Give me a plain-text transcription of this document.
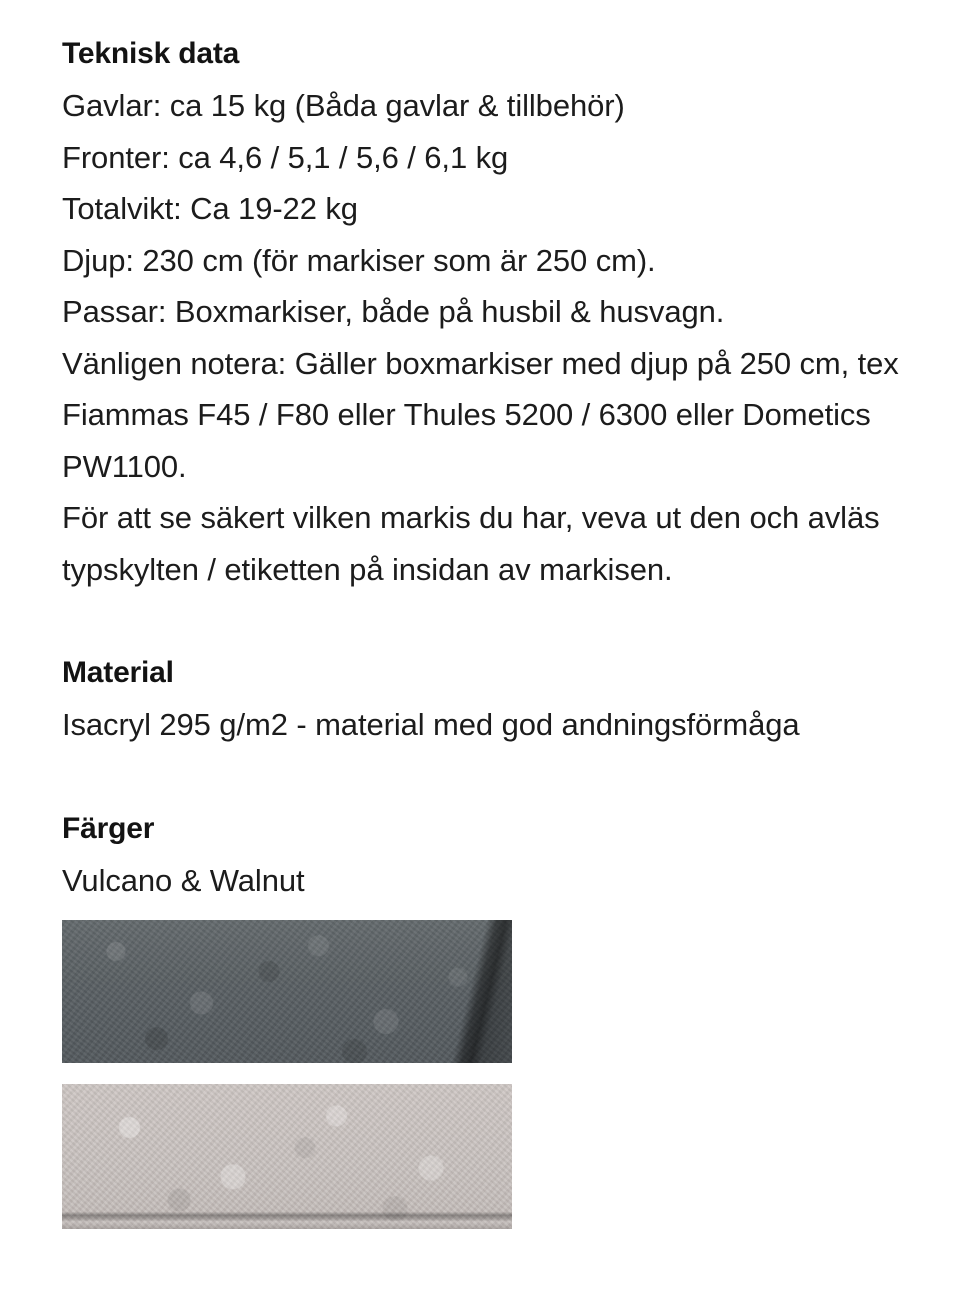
Teknisk data

Gavlar: ca 15 kg (Båda gavlar & tillbehör)
Fronter: ca 4,6 / 5,1 / 5,6 / 6,1 kg
Totalvikt: Ca 19-22 kg
Djup: 230 cm (för markiser som är 250 cm).
Passar: Boxmarkiser, både på husbil & husvagn.
Vänligen notera: Gäller boxmarkiser med djup på 250 cm, tex Fiammas F45 / F80 eller Thules 5200 / 6300 eller Dometics PW1100.
För att se säkert vilken markis du har, veva ut den och avläs typskylten / etiketten på insidan av markisen.

Material

Isacryl 295 g/m2 - material med god andningsförmåga

Färger

Vulcano & Walnut
